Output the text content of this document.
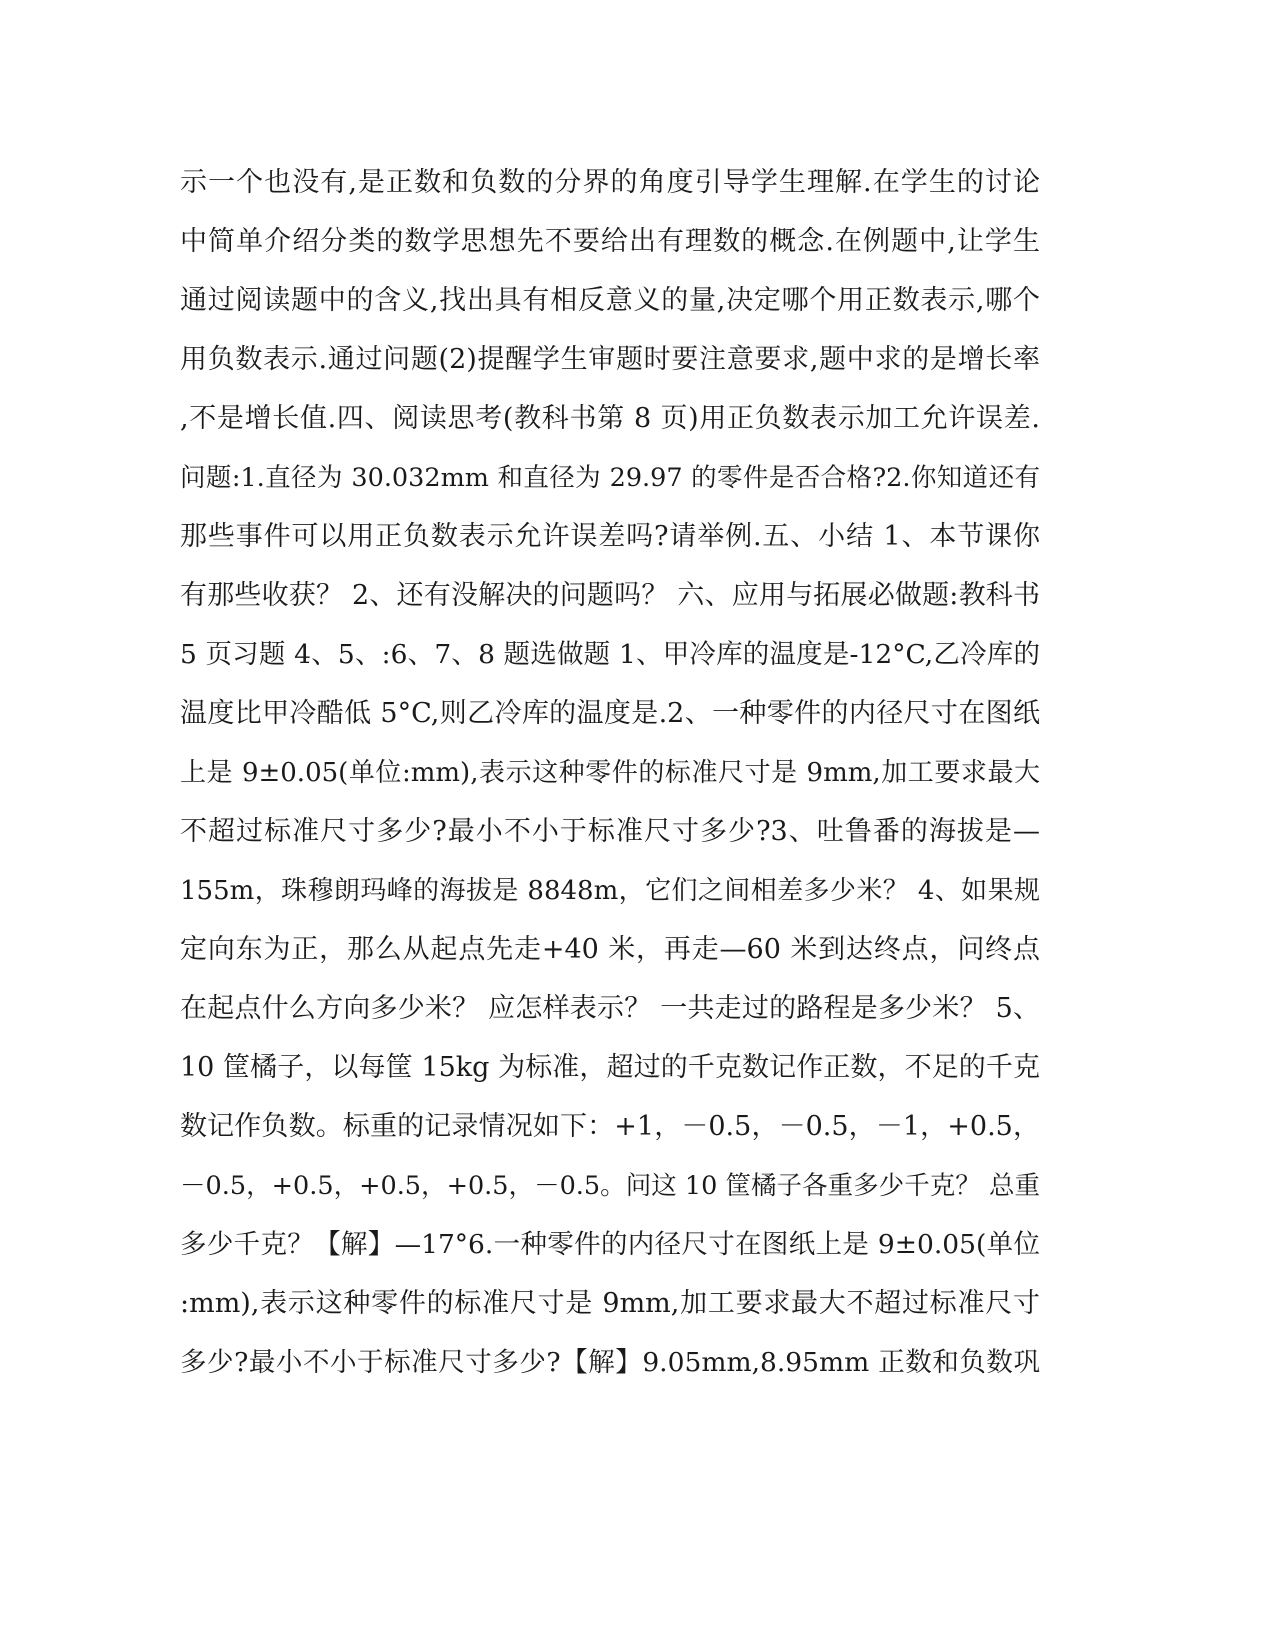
示一个也没有,是正数和负数的分界的角度引导学生理解.在学生的讨论
中简单介绍分类的数学思想先不要给出有理数的概念.在例题中,让学生
通过阅读题中的含义,找出具有相反意义的量,决定哪个用正数表示,哪个
用负数表示.通过问题(2)提醒学生审题时要注意要求,题中求的是增长率
,不是增长值.四、阅读思考(教科书第 8 页)用正负数表示加工允许误差.
问题:1.直径为 30.032mm 和直径为 29.97 的零件是否合格?2.你知道还有
那些事件可以用正负数表示允许误差吗?请举例.五、小结 1、本节课你
有那些收获？ 2、还有没解决的问题吗？ 六、应用与拓展必做题:教科书
5 页习题 4、5、:6、7、8 题选做题 1、甲冷库的温度是-12°C,乙冷库的
温度比甲冷酷低 5°C,则乙冷库的温度是.2、一种零件的内径尺寸在图纸
上是 9±0.05(单位:mm),表示这种零件的标准尺寸是 9mm,加工要求最大
不超过标准尺寸多少?最小不小于标准尺寸多少?3、吐鲁番的海拔是—
155m，珠穆朗玛峰的海拔是 8848m，它们之间相差多少米？ 4、如果规
定向东为正，那么从起点先走+40 米，再走—60 米到达终点，问终点
在起点什么方向多少米？ 应怎样表示？ 一共走过的路程是多少米？ 5、
10 筐橘子，以每筐 15kg 为标准，超过的千克数记作正数，不足的千克
数记作负数。标重的记录情况如下：+1，－0.5，－0.5，－1，+0.5，
－0.5，+0.5，+0.5，+0.5，－0.5。问这 10 筐橘子各重多少千克？ 总重
多少千克？【解】—17°6.一种零件的内径尺寸在图纸上是 9±0.05(单位
:mm),表示这种零件的标准尺寸是 9mm,加工要求最大不超过标准尺寸
多少?最小不小于标准尺寸多少?【解】9.05mm,8.95mm 正数和负数巩
